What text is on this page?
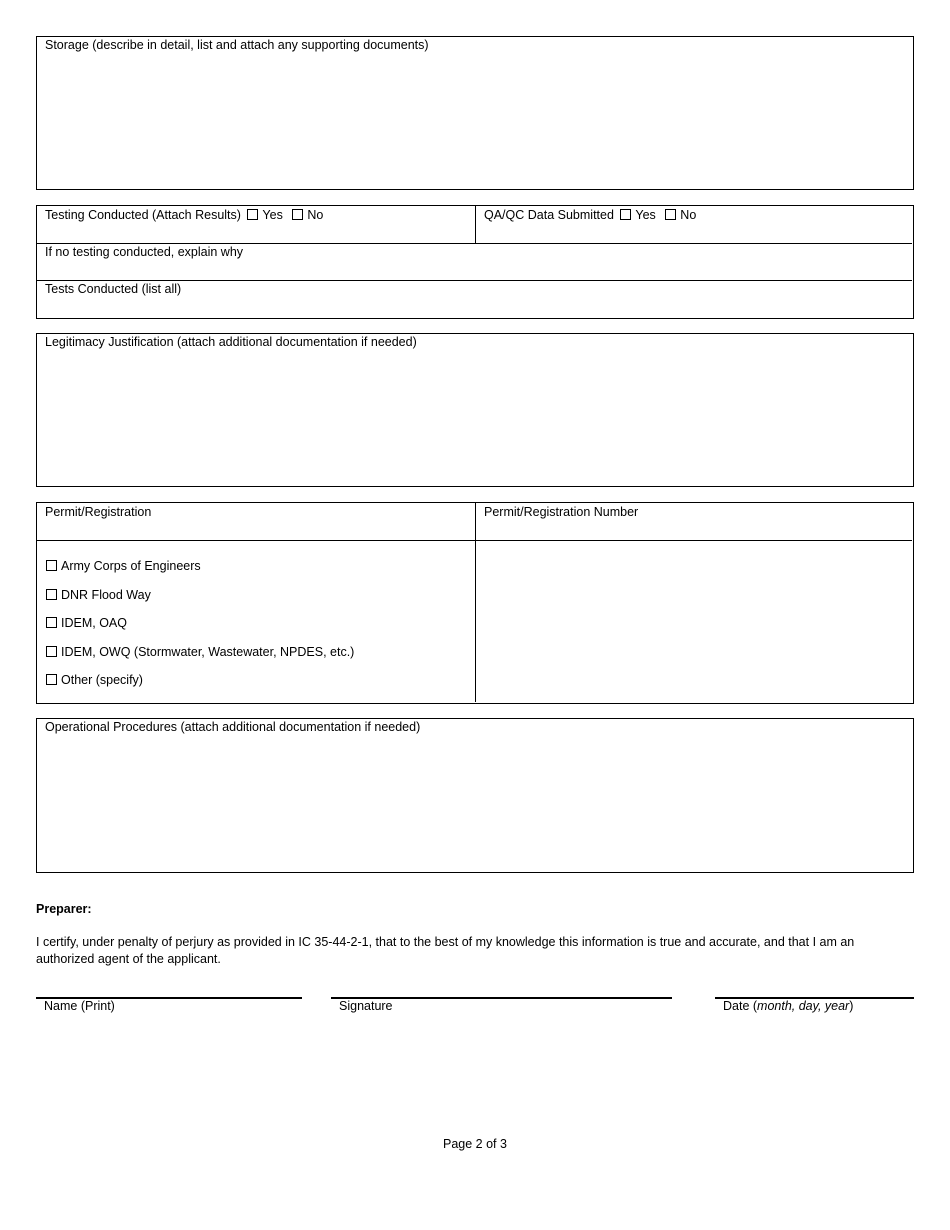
Storage (describe in detail, list and attach any supporting documents)
Testing Conducted (Attach Results) Yes No	QA/QC Data Submitted Yes No
If no testing conducted, explain why
Tests Conducted (list all)
Legitimacy Justification (attach additional documentation if needed)
Permit/Registration	Permit/Registration Number
Army Corps of Engineers
DNR Flood Way
IDEM, OAQ
IDEM, OWQ (Stormwater, Wastewater, NPDES, etc.)
Other (specify)
Operational Procedures (attach additional documentation if needed)
Preparer:
I certify, under penalty of perjury as provided in IC 35-44-2-1, that to the best of my knowledge this information is true and accurate, and that I am an authorized agent of the applicant.
Name (Print)	Signature	Date (month, day, year)
Page 2 of 3
